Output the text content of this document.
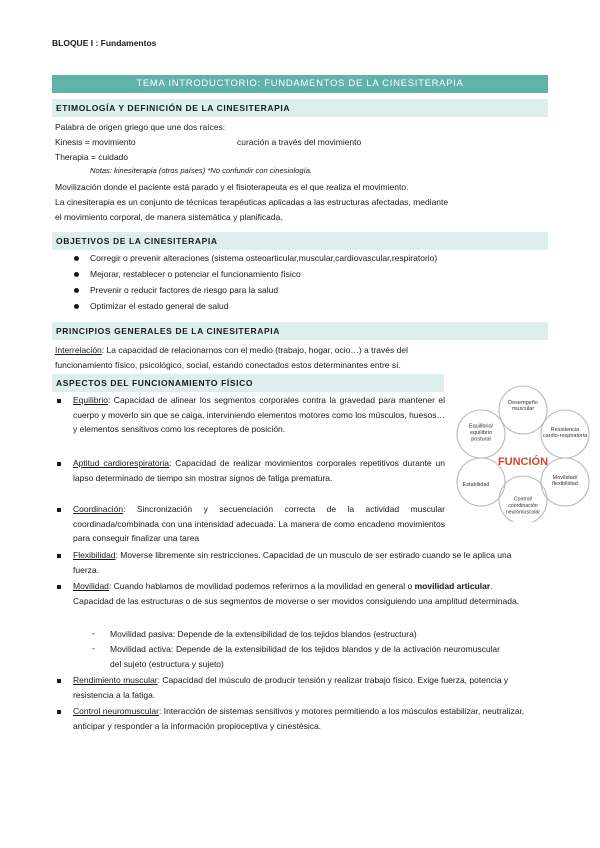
BLOQUE I : Fundamentos
TEMA INTRODUCTORIO: FUNDAMENTOS DE LA CINESITERAPIA
ETIMOLOGÍA Y DEFINICIÓN DE LA CINESITERAPIA
Palabra de origen griego que une dos raíces:
Kinesis = movimiento	curación a través del movimiento
Therapia = cuidado
Notas: kinesiterapia (otros países) *No confundir con cinesiología.
Movilización donde el paciente está parado y el fisioterapeuta es el que realiza el movimiento.
La cinesiterapia es un conjunto de técnicas terapéuticas aplicadas a las estructuras afectadas, mediante
el movimiento corporal, de manera sistemática y planificada.
OBJETIVOS DE LA CINESITERAPIA
Corregir o prevenir alteraciones (sistema osteoarticular,muscular,cardiovascular,respiratorio)
Mejorar, restablecer o potenciar el funcionamiento físico
Prevenir o reducir factores de riesgo para la salud
Optimizar el estado general de salud
PRINCIPIOS GENERALES DE LA CINESITERAPIA
Interrelación: La capacidad de relacionarnos con el medio (trabajo, hogar, ocio…) a través del
funcionamiento físico, psicológico, social, estando conectados estos determinantes entre sí.
ASPECTOS DEL FUNCIONAMIENTO FÍSICO
Equilibrio: Capacidad de alinear los segmentos corporales contra la gravedad para mantener el cuerpo y moverlo sin que se caiga, interviniendo elementos motores como los músculos, huesos… y elementos sensitivos como los receptores de posición.
Aptitud cardiorespiratoria: Capacidad de realizar movimientos corporales repetitivos durante un lapso determinado de tiempo sin mostrar signos de fatiga prematura.
Coordinación: Sincronización y secuenciación correcta de la actividad muscular coordinada/combinada con una intensidad adecuada. La manera de como encadeno movimientos para conseguir finalizar una tarea
Flexibilidad: Moverse libremente sin restricciones. Capacidad de un musculo de ser estirado cuando se le aplica una fuerza.
Movilidad: Cuando hablamos de movilidad podemos referirnos a la movilidad en general o movilidad articular. Capacidad de las estructuras o de sus segmentos de moverse o ser movidos consiguiendo una amplitud determinada.
- Movilidad pasiva: Depende de la extensibilidad de los tejidos blandos (estructura)
- Movilidad activa: Depende de la extensibilidad de los tejidos blandos y de la activación neuromuscular del sujeto (estructura y sujeto)
Rendimiento muscular: Capacidad del músculo de producir tensión y realizar trabajo físico. Exige fuerza, potencia y resistencia a la fatiga.
Control neuromuscular: Interacción de sistemas sensitivos y motores permitiendo a los músculos estabilizar, neutralizar, anticipar y responder a la información propioceptiva y cinestésica.
FUNCIÓN
Desempeño muscular
Resistencia cardio-respiratoria
Movilidad/ flexibilidad
Control/ coordinación neuromuscular
Estabilidad
Equilibrio/ equilibrio postural
